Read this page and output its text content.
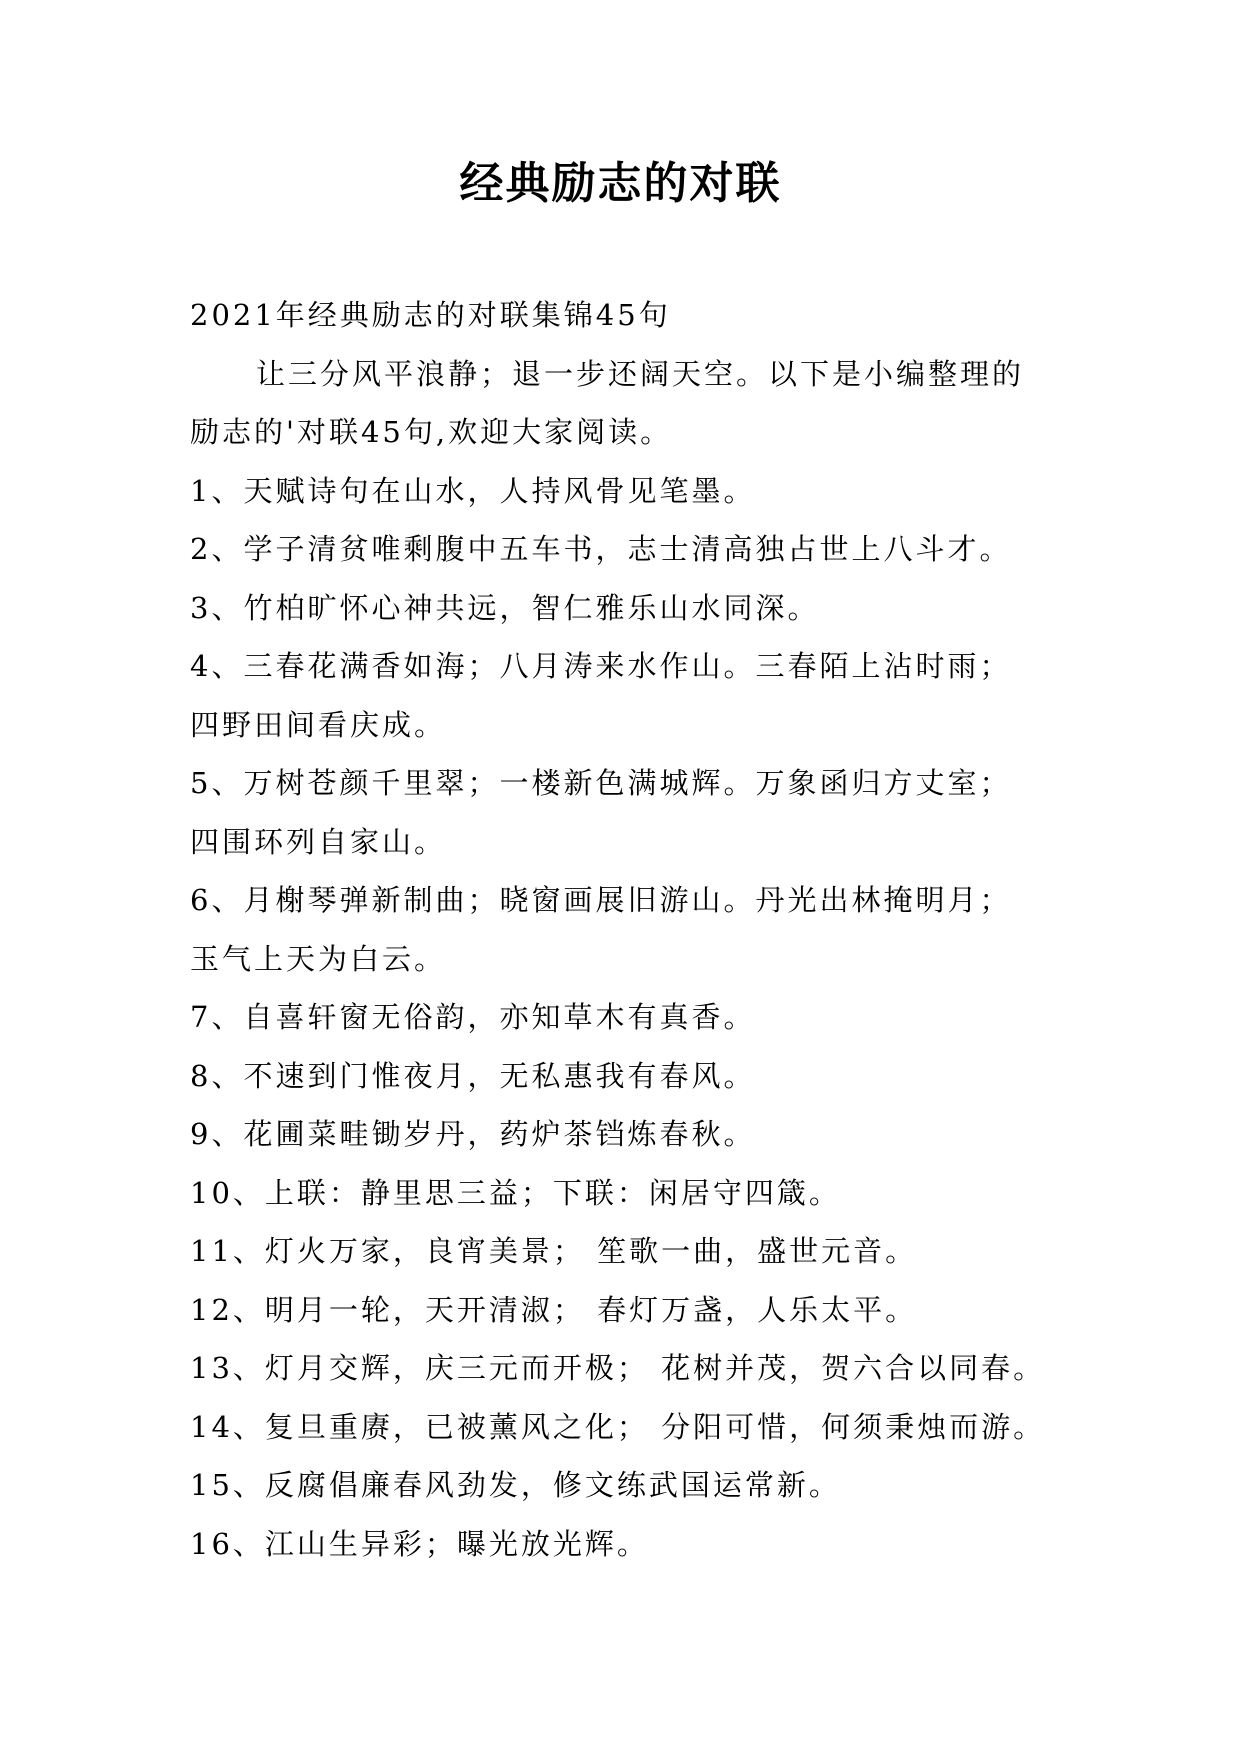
经典励志的对联
2021年经典励志的对联集锦45句
让三分风平浪静；退一步还阔天空。以下是小编整理的
励志的'对联45句,欢迎大家阅读。
1、天赋诗句在山水，人持风骨见笔墨。
2、学子清贫唯剩腹中五车书，志士清高独占世上八斗才。
3、竹柏旷怀心神共远，智仁雅乐山水同深。
4、三春花满香如海；八月涛来水作山。三春陌上沾时雨；
四野田间看庆成。
5、万树苍颜千里翠；一楼新色满城辉。万象函归方丈室；
四围环列自家山。
6、月榭琴弹新制曲；晓窗画展旧游山。丹光出林掩明月；
玉气上天为白云。
7、自喜轩窗无俗韵，亦知草木有真香。
8、不速到门惟夜月，无私惠我有春风。
9、花圃菜畦锄岁丹，药炉茶铛炼春秋。
10、上联：静里思三益；下联：闲居守四箴。
11、灯火万家，良宵美景； 笙歌一曲，盛世元音。
12、明月一轮，天开清淑； 春灯万盏，人乐太平。
13、灯月交辉，庆三元而开极； 花树并茂，贺六合以同春。
14、复旦重赓，已被薰风之化； 分阳可惜，何须秉烛而游。
15、反腐倡廉春风劲发，修文练武国运常新。
16、江山生异彩；曝光放光辉。
